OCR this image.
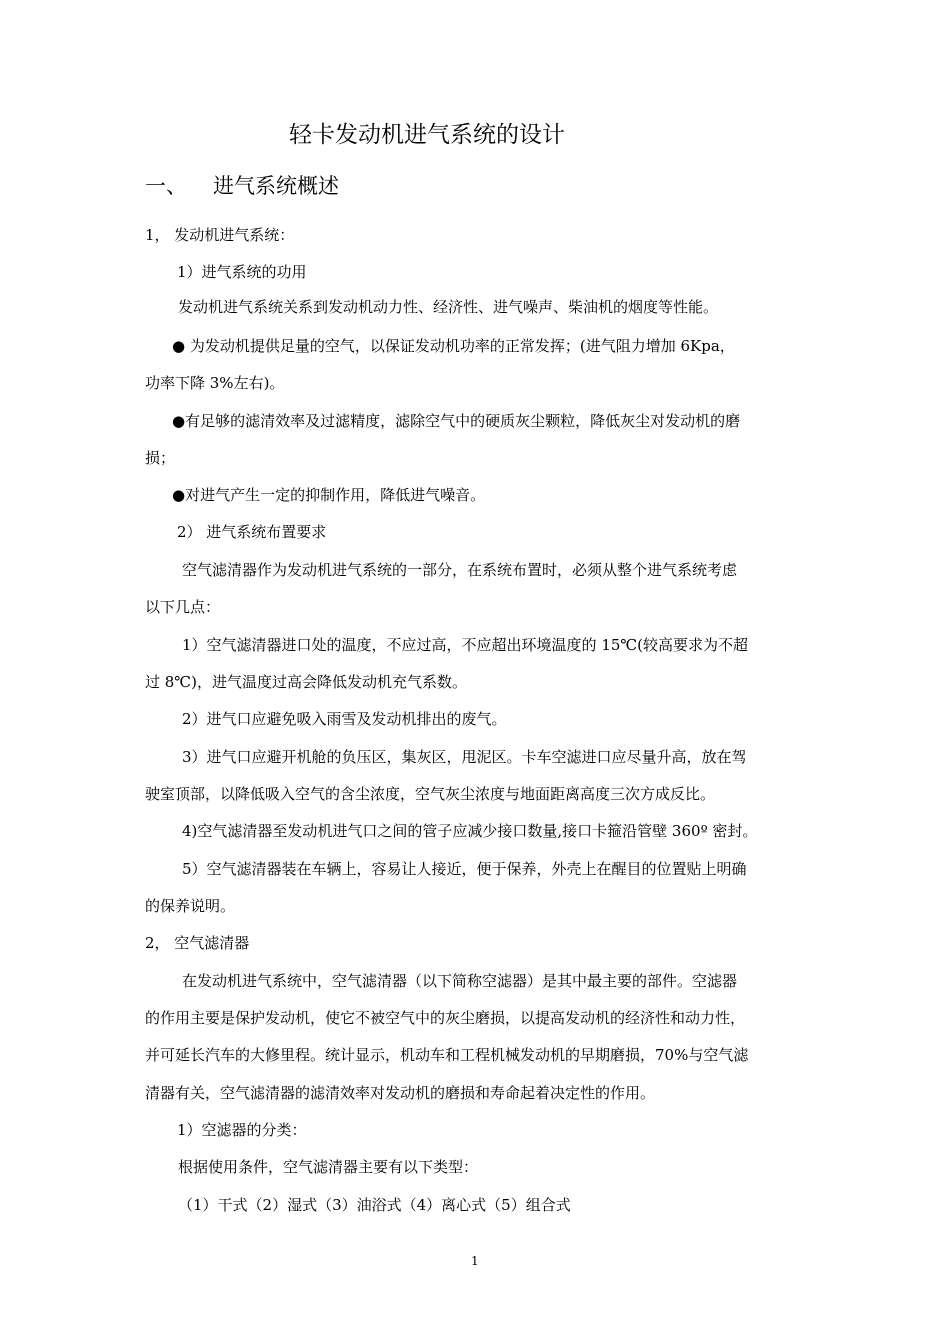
轻卡发动机进气系统的设计
一、 进气系统概述
1， 发动机进气系统：
1）进气系统的功用
发动机进气系统关系到发动机动力性、经济性、进气噪声、柴油机的烟度等性能。
● 为发动机提供足量的空气，以保证发动机功率的正常发挥；(进气阻力增加 6Kpa，
功率下降 3%左右)。
●有足够的滤清效率及过滤精度，滤除空气中的硬质灰尘颗粒，降低灰尘对发动机的磨
损；
●对进气产生一定的抑制作用，降低进气噪音。
2） 进气系统布置要求
空气滤清器作为发动机进气系统的一部分，在系统布置时，必须从整个进气系统考虑
以下几点：
1）空气滤清器进口处的温度，不应过高，不应超出环境温度的 15℃(较高要求为不超
过 8℃)，进气温度过高会降低发动机充气系数。
2）进气口应避免吸入雨雪及发动机排出的废气。
3）进气口应避开机舱的负压区，集灰区，甩泥区。卡车空滤进口应尽量升高，放在驾
驶室顶部，以降低吸入空气的含尘浓度，空气灰尘浓度与地面距离高度三次方成反比。
4)空气滤清器至发动机进气口之间的管子应减少接口数量,接口卡箍沿管壁 360º 密封。
5）空气滤清器装在车辆上，容易让人接近，便于保养，外壳上在醒目的位置贴上明确
的保养说明。
2， 空气滤清器
在发动机进气系统中，空气滤清器（以下简称空滤器）是其中最主要的部件。空滤器
的作用主要是保护发动机，使它不被空气中的灰尘磨损，以提高发动机的经济性和动力性，
并可延长汽车的大修里程。统计显示，机动车和工程机械发动机的早期磨损，70%与空气滤
清器有关，空气滤清器的滤清效率对发动机的磨损和寿命起着决定性的作用。
1）空滤器的分类：
根据使用条件，空气滤清器主要有以下类型：
（1）干式（2）湿式（3）油浴式（4）离心式（5）组合式
1
